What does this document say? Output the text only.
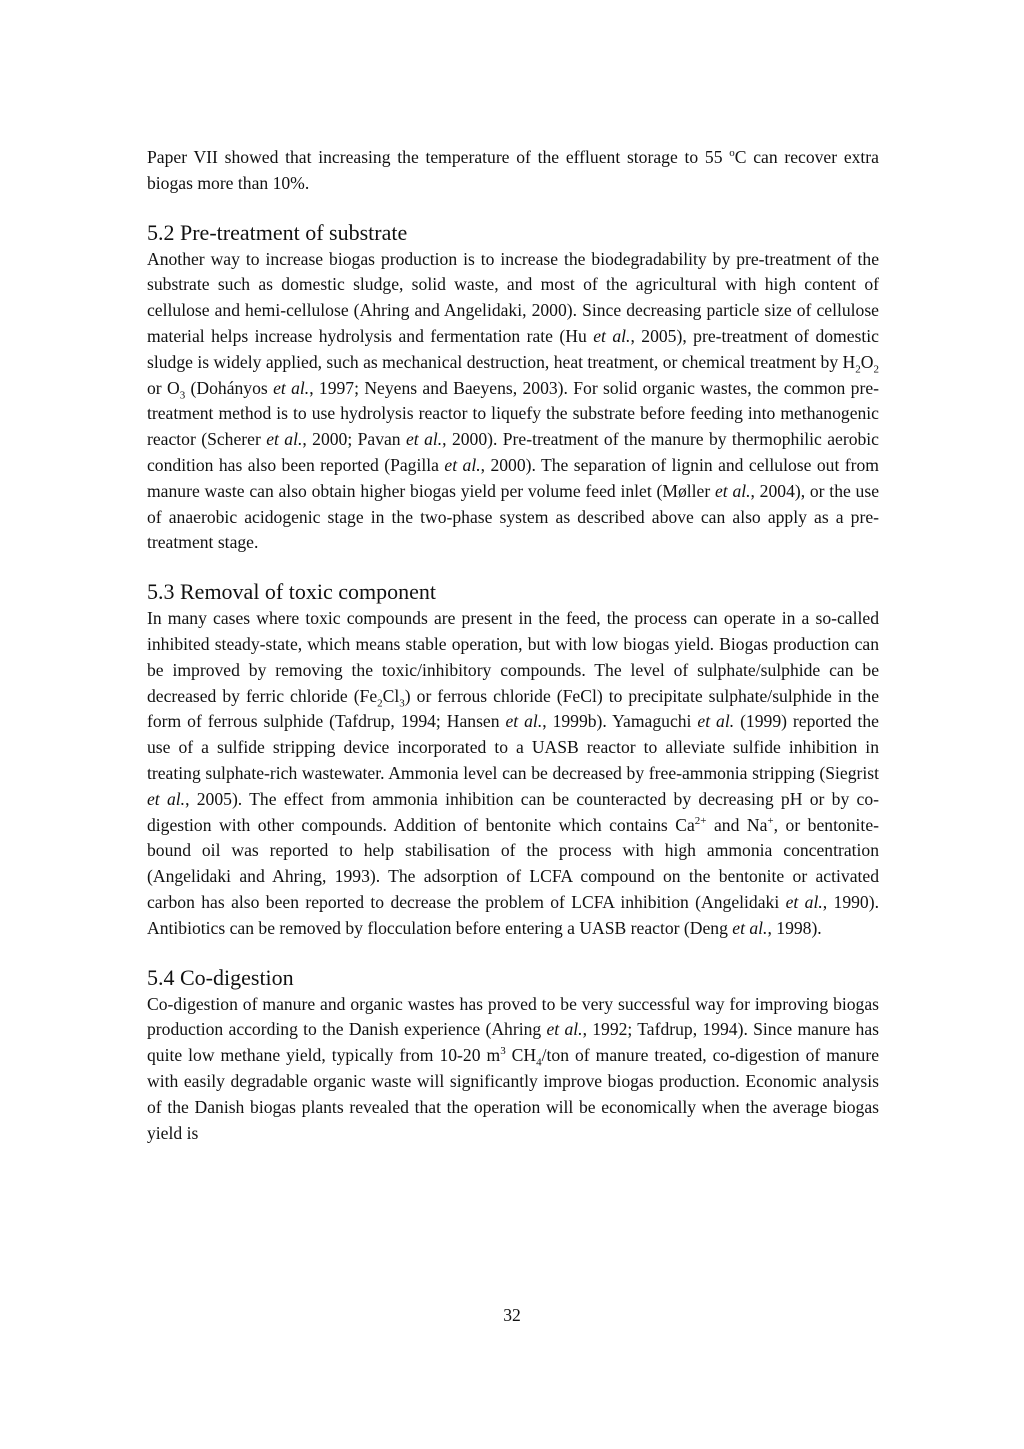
Paper VII showed that increasing the temperature of the effluent storage to 55 $^o$C can recover extra biogas more than 10%.

5.2 Pre-treatment of substrate

Another way to increase biogas production is to increase the biodegradability by pre-treatment of the substrate such as domestic sludge, solid waste, and most of the agricultural with high content of cellulose and hemi-cellulose (Ahring and Angelidaki, 2000). Since decreasing particle size of cellulose material helps increase hydrolysis and fermentation rate (Hu et al., 2005), pre-treatment of domestic sludge is widely applied, such as mechanical destruction, heat treatment, or chemical treatment by $H_2O_2$ or $O_3$ (Dohányos et al., 1997; Neyens and Baeyens, 2003). For solid organic wastes, the common pre-treatment method is to use hydrolysis reactor to liquefy the substrate before feeding into methanogenic reactor (Scherer et al., 2000; Pavan et al., 2000). Pre-treatment of the manure by thermophilic aerobic condition has also been reported (Pagilla et al., 2000). The separation of lignin and cellulose out from manure waste can also obtain higher biogas yield per volume feed inlet (Møller et al., 2004), or the use of anaerobic acidogenic stage in the two-phase system as described above can also apply as a pre-treatment stage.

5.3 Removal of toxic component

In many cases where toxic compounds are present in the feed, the process can operate in a so-called inhibited steady-state, which means stable operation, but with low biogas yield. Biogas production can be improved by removing the toxic/inhibitory compounds. The level of sulphate/sulphide can be decreased by ferric chloride $(Fe_2Cl_3)$ or ferrous chloride (FeCl) to precipitate sulphate/sulphide in the form of ferrous sulphide (Tafdrup, 1994; Hansen et al., 1999b). Yamaguchi et al. (1999) reported the use of a sulfide stripping device incorporated to a UASB reactor to alleviate sulfide inhibition in treating sulphate-rich wastewater. Ammonia level can be decreased by free-ammonia stripping (Siegrist et al., 2005). The effect from ammonia inhibition can be counteracted by decreasing pH or by co-digestion with other compounds. Addition of bentonite which contains $Ca^{2+}$ and Na+, or bentonite-bound oil was reported to help stabilisation of the process with high ammonia concentration (Angelidaki and Ahring, 1993). The adsorption of LCFA compound on the bentonite or activated carbon has also been reported to decrease the problem of LCFA inhibition (Angelidaki et al., 1990). Antibiotics can be removed by flocculation before entering a UASB reactor (Deng et al., 1998).

5.4 Co-digestion

Co-digestion of manure and organic wastes has proved to be very successful way for improving biogas production according to the Danish experience (Ahring et al., 1992; Tafdrup, 1994). Since manure has quite low methane yield, typically from 10-20 $m^3$ $CH_4$/ton of manure treated, co-digestion of manure with easily degradable organic waste will significantly improve biogas production. Economic analysis of the Danish biogas plants revealed that the operation will be economically when the average biogas yield is

32
